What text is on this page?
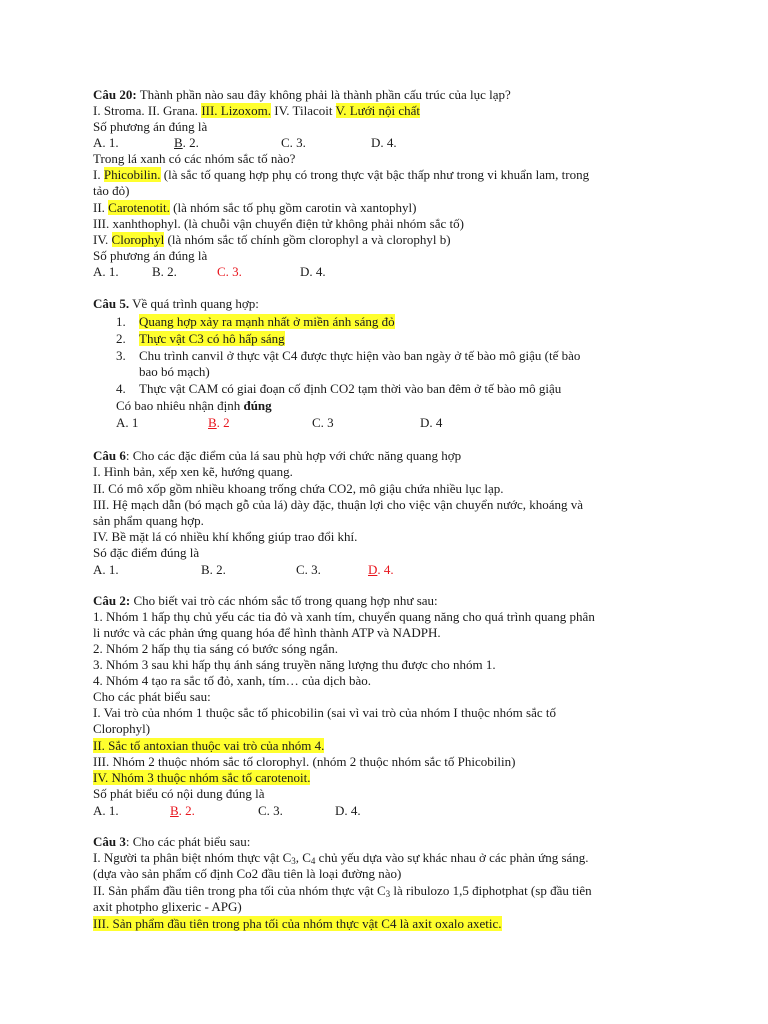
Câu 20: Thành phần nào sau đây không phải là thành phần cấu trúc của lục lạp?
I. Stroma. II. Grana. III. Lizoxom. IV. Tilacoit V. Lưới nội chất
Số phương án đúng là
A. 1.	B. 2.	C. 3.	D. 4.
Trong lá xanh có các nhóm sắc tố nào?
I. Phicobilin. (là sắc tố quang hợp phụ có trong thực vật bậc thấp như trong vi khuẩn lam, trong
tảo đỏ)
II. Carotenotit. (là nhóm sắc tố phụ gồm carotin và xantophyl)
III. xanhthophyl. (là chuỗi vận chuyển điện tử không phải nhóm sắc tố)
IV. Clorophyl (là nhóm sắc tố chính gồm clorophyl a và clorophyl b)
Số phương án đúng là
A. 1.	B. 2.	C. 3.	D. 4.
Câu 5. Về quá trình quang hợp:
1. Quang hợp xảy ra mạnh nhất ở miền ánh sáng đỏ
2. Thực vật C3 có hô hấp sáng
3. Chu trình canvil ở thực vật C4 được thực hiện vào ban ngày ở tế bào mô giậu (tế bào
bao bó mạch)
4. Thực vật CAM có giai đoạn cố định CO2 tạm thời vào ban đêm ở tế bào mô giậu
Có bao nhiêu nhận định đúng
A. 1	B. 2	C. 3	D. 4
Câu 6: Cho các đặc điểm của lá sau phù hợp với chức năng quang hợp
I. Hình bản, xếp xen kẽ, hướng quang.
II. Có mô xốp gồm nhiều khoang trống chứa CO2, mô giậu chứa nhiều lục lạp.
III. Hệ mạch dẫn (bó mạch gỗ của lá) dày đặc, thuận lợi cho việc vận chuyển nước, khoáng và
sản phẩm quang hợp.
IV. Bề mặt lá có nhiều khí khổng giúp trao đổi khí.
Só đặc điểm đúng là
A. 1.	B. 2.	C. 3.	D. 4.
Câu 2: Cho biết vai trò các nhóm sắc tố trong quang hợp như sau:
1. Nhóm 1 hấp thụ chủ yếu các tia đỏ và xanh tím, chuyển quang năng cho quá trình quang phân
li nước và các phản ứng quang hóa để hình thành ATP và NADPH.
2. Nhóm 2 hấp thụ tia sáng có bước sóng ngắn.
3. Nhóm 3 sau khi hấp thụ ánh sáng truyền năng lượng thu được cho nhóm 1.
4. Nhóm 4 tạo ra sắc tố đỏ, xanh, tím… của dịch bào.
Cho các phát biểu sau:
I. Vai trò của nhóm 1 thuộc sắc tố phicobilin (sai vì vai trò của nhóm I thuộc nhóm sắc tố
Clorophyl)
II. Sắc tố antoxian thuộc vai trò của nhóm 4.
III. Nhóm 2 thuộc nhóm sắc tố clorophyl. (nhóm 2 thuộc nhóm sắc tố Phicobilin)
IV. Nhóm 3 thuộc nhóm sắc tố carotenoit.
Số phát biểu có nội dung đúng là
A. 1.	B. 2.	C. 3.	D. 4.
Câu 3: Cho các phát biểu sau:
I. Người ta phân biệt nhóm thực vật $C_3$, $C_4$ chủ yếu dựa vào sự khác nhau ở các phản ứng sáng.
(dựa vào sản phẩm cố định Co2 đầu tiên là loại đường nào)
II. Sản phẩm đầu tiên trong pha tối của nhóm thực vật $C_3$ là ribulozo 1,5 điphotphat (sp đầu tiên
axit photpho glixeric - APG)
III. Sản phẩm đầu tiên trong pha tối của nhóm thực vật C4 là axit oxalo axetic.
